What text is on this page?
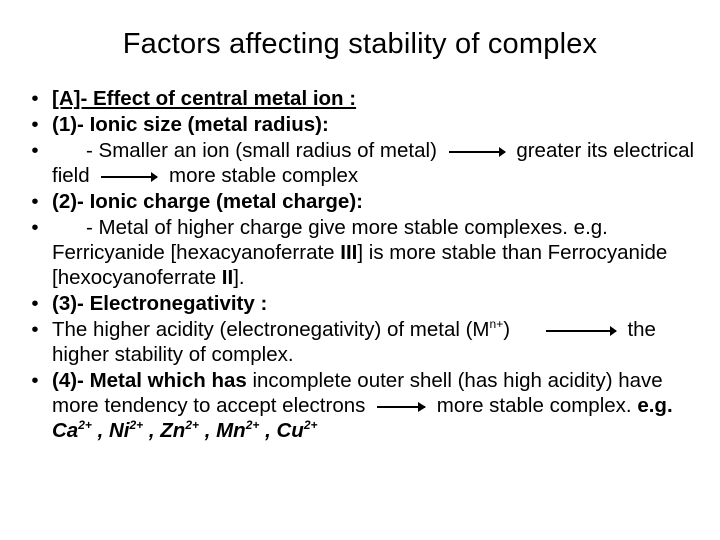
Factors affecting stability of complex
• [A]- Effect of central metal ion :
• (1)- Ionic size (metal radius):
• - Smaller an ion (small radius of metal)	greater its electrical field	more stable complex
• (2)- Ionic charge (metal charge):
• - Metal of higher charge give more stable complexes. e.g. Ferricyanide [hexacyanoferrate III] is more stable than Ferrocyanide [hexocyanoferrate II].
• (3)- Electronegativity :
• The higher acidity (electronegativity) of metal $(M^{n+})$	the higher stability of complex.
• (4)- Metal which has incomplete outer shell (has high acidity) have more tendency to accept electrons	more stable complex. e.g. $Ca^{2+}$ , $Ni^{2+}$ , $Zn^{2+}$ , $Mn^{2+}$ , $Cu^{2+}$
